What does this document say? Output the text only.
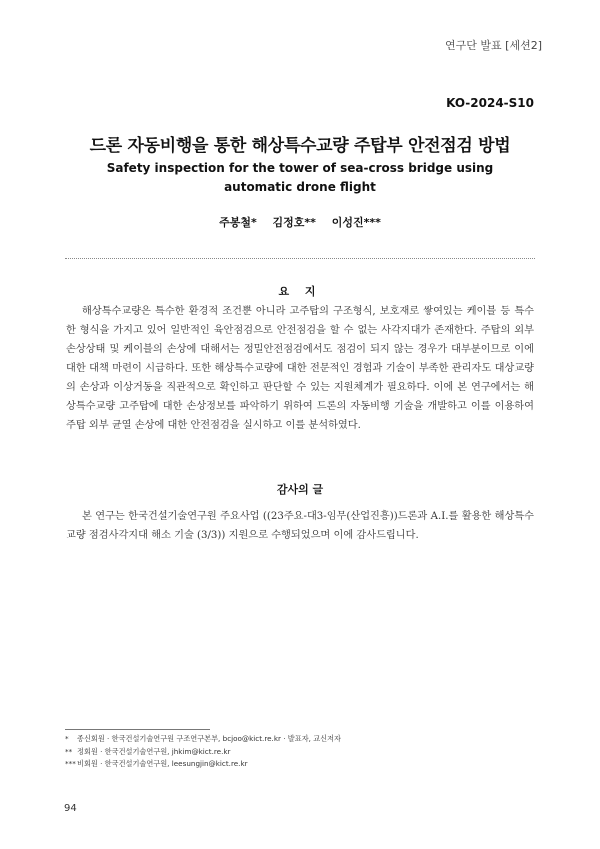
연구단 발표 [세션2]
KO-2024-S10
드론 자동비행을 통한 해상특수교량 주탑부 안전점검 방법
Safety inspection for the tower of sea-cross bridge using
automatic drone flight
주봉철* 김정호** 이성진***
요 지
해상특수교량은 특수한 환경적 조건뿐 아니라 고주탑의 구조형식, 보호재로 쌓여있는 케이블 등 특수한 형식을 가지고 있어 일반적인 육안점검으로 안전점검을 할 수 없는 사각지대가 존재한다. 주탑의 외부 손상상태 및 케이블의 손상에 대해서는 정밀안전점검에서도 점검이 되지 않는 경우가 대부분이므로 이에 대한 대책 마련이 시급하다. 또한 해상특수교량에 대한 전문적인 경험과 기술이 부족한 관리자도 대상교량의 손상과 이상거동을 직관적으로 확인하고 판단할 수 있는 지원체계가 필요하다. 이에 본 연구에서는 해상특수교량 고주탑에 대한 손상정보를 파악하기 위하여 드론의 자동비행 기술을 개발하고 이를 이용하여 주탑 외부 균열 손상에 대한 안전점검을 실시하고 이를 분석하였다.
감사의 글
본 연구는 한국건설기술연구원 주요사업 ((23주요-대3-임무(산업진흥))드론과 A.I.를 활용한 해상특수교량 점검사각지대 해소 기술 (3/3)) 지원으로 수행되었으며 이에 감사드립니다.
* 종신회원 · 한국건설기술연구원 구조연구본부, bcjoo@kict.re.kr · 발표자, 교신저자
** 정회원 · 한국건설기술연구원, jhkim@kict.re.kr
***비회원 · 한국건설기술연구원, leesungjin@kict.re.kr
94
